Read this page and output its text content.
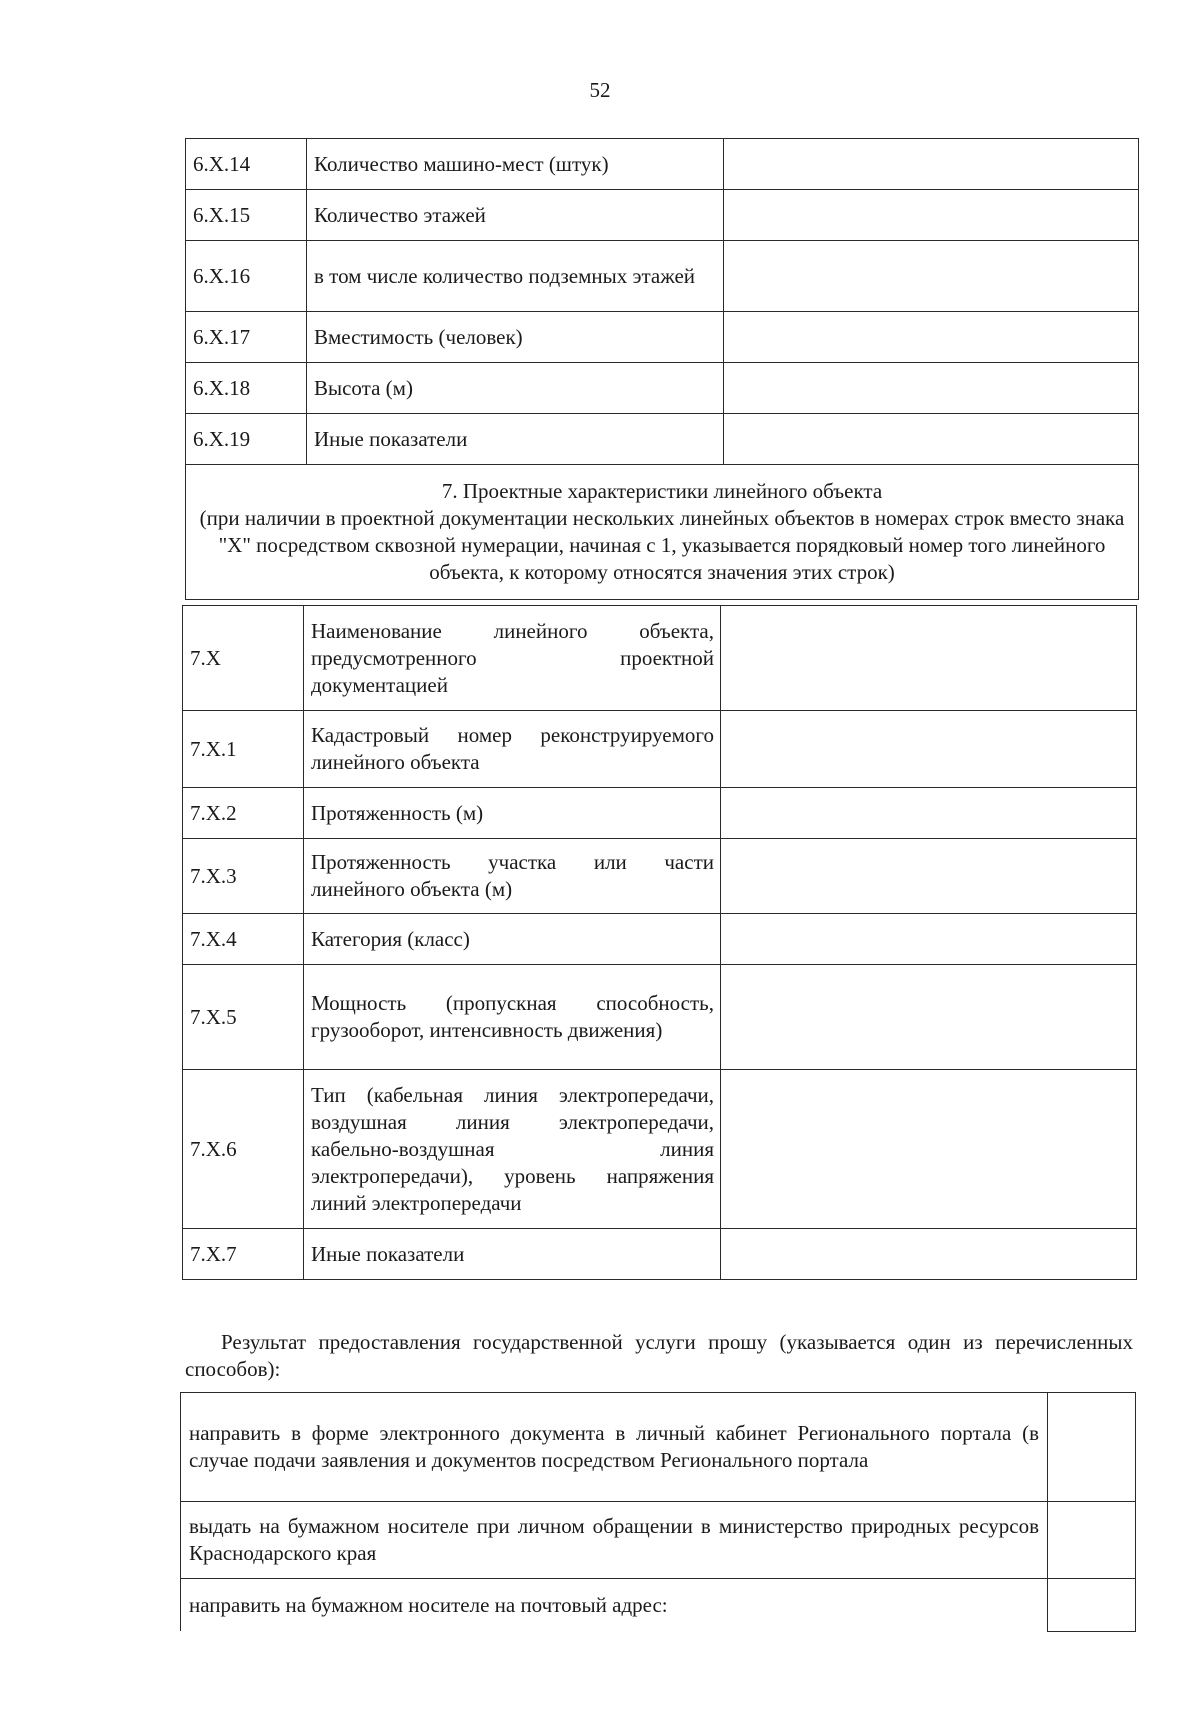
52
6.X.14	Количество машино-мест (штук)	
6.X.15	Количество этажей	
6.X.16	в том числе количество подземных этажей	
6.X.17	Вместимость (человек)	
6.X.18	Высота (м)	
6.X.19	Иные показатели	

7. Проектные характеристики линейного объекта
(при наличии в проектной документации нескольких линейных объектов в номерах строк вместо знака "X" посредством сквозной нумерации, начиная с 1, указывается порядковый номер того линейного объекта, к которому относятся значения этих строк)		
7.X	Наименование линейного объекта, предусмотренного проектной документацией	
7.X.1	Кадастровый номер реконструируемого линейного объекта	
7.X.2	Протяженность (м)	
7.X.3	Протяженность участка или части линейного объекта (м)	
7.X.4	Категория (класс)	
7.X.5	Мощность (пропускная способность, грузооборот, интенсивность движения)	
7.X.6	Тип (кабельная линия электропередачи, воздушная линия электропередачи, кабельно-воздушная линия электропередачи), уровень напряжения линий электропередачи	
7.X.7	Иные показатели	
Результат предоставления государственной услуги прошу (указывается один из перечисленных способов):
направить в форме электронного документа в личный кабинет Регионального портала (в случае подачи заявления и документов посредством Регионального портала	
выдать на бумажном носителе при личном обращении в министерство природных ресурсов Краснодарского края	
направить на бумажном носителе на почтовый адрес:	
